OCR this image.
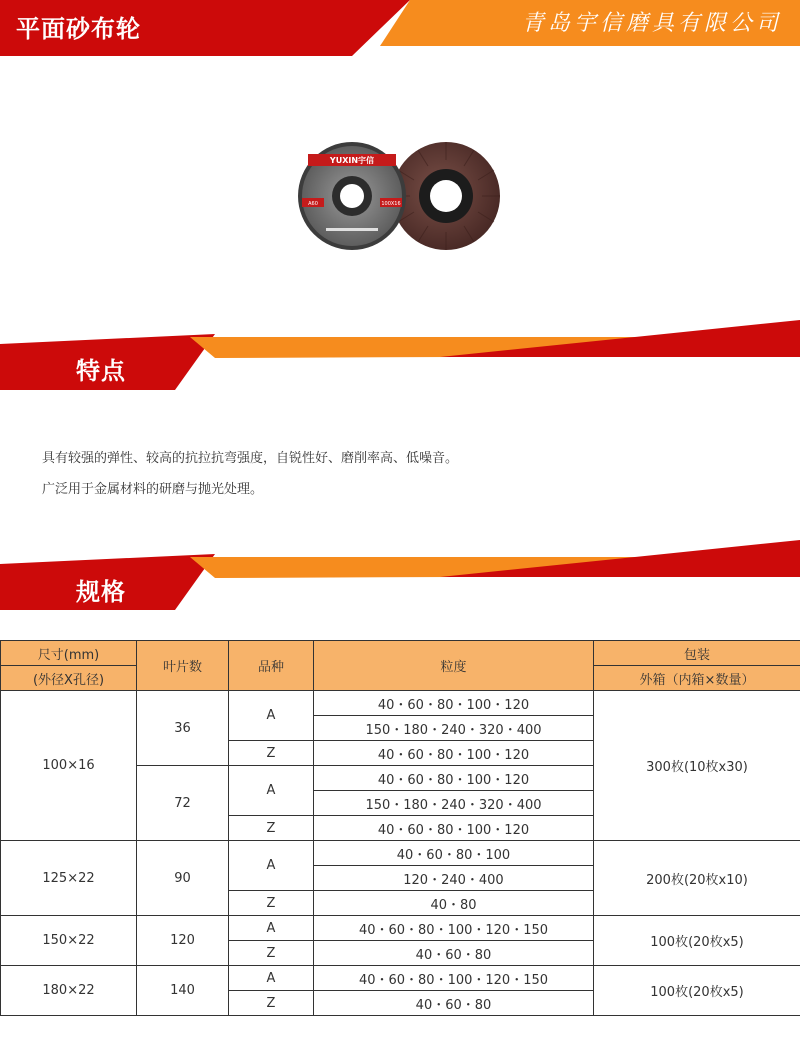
平面砂布轮	青岛宇信磨具有限公司
YUXIN宇信
A60	100X16
特点
具有较强的弹性、较高的抗拉抗弯强度，自锐性好、磨削率高、低噪音。
广泛用于金属材料的研磨与抛光处理。
规格
尺寸(mm)	叶片数	品种	粒度	包装
(外径X孔径)				外箱（内箱×数量）
100×16	36	A	40・60・80・100・120	300枚(10枚x30)
			150・180・240・320・400	
		Z	40・60・80・100・120	
	72	A	40・60・80・100・120	
			150・180・240・320・400	
		Z	40・60・80・100・120	
125×22	90	A	40・60・80・100	200枚(20枚x10)
			120・240・400	
		Z	40・80	
150×22	120	A	40・60・80・100・120・150	100枚(20枚x5)
		Z	40・60・80	
180×22	140	A	40・60・80・100・120・150	100枚(20枚x5)
		Z	40・60・80	
